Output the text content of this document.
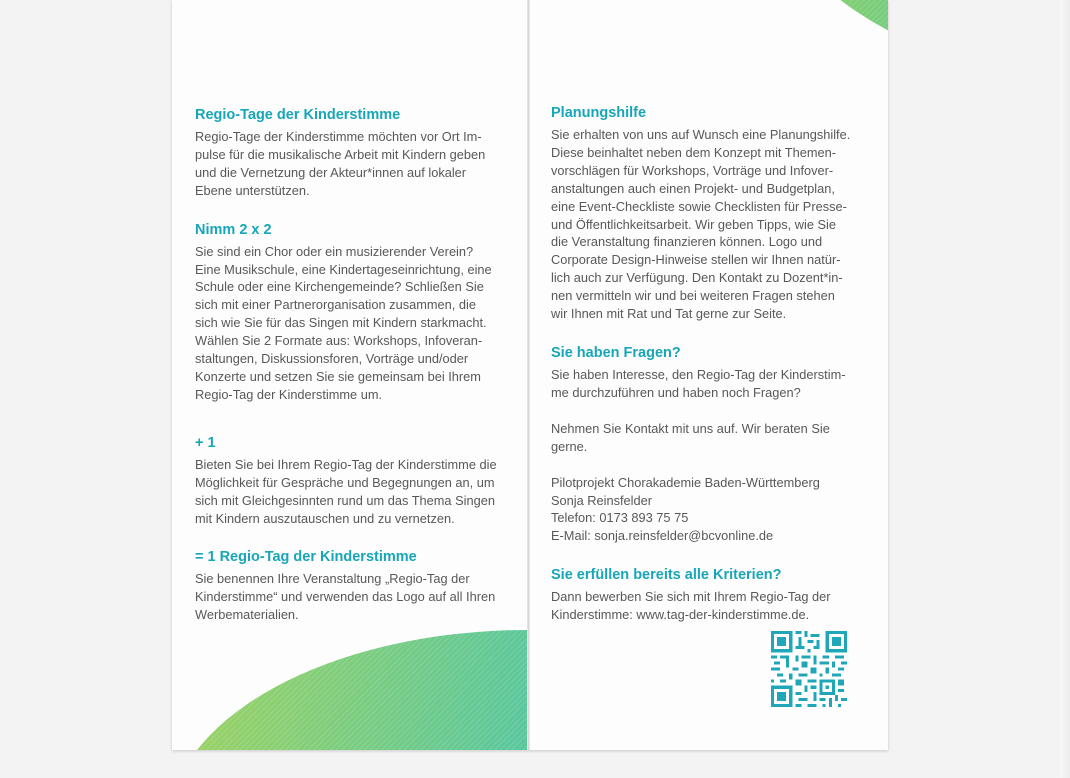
Regio-Tage der Kinderstimme

Regio-Tage der Kinderstimme möchten vor Ort Im-
pulse für die musikalische Arbeit mit Kindern geben
und die Vernetzung der Akteur*innen auf lokaler
Ebene unterstützen.

Nimm 2 x 2

Sie sind ein Chor oder ein musizierender Verein?
Eine Musikschule, eine Kindertageseinrichtung, eine
Schule oder eine Kirchengemeinde? Schließen Sie
sich mit einer Partnerorganisation zusammen, die
sich wie Sie für das Singen mit Kindern starkmacht.
Wählen Sie 2 Formate aus: Workshops, Infoveran-
staltungen, Diskussionsforen, Vorträge und/oder
Konzerte und setzen Sie sie gemeinsam bei Ihrem
Regio-Tag der Kinderstimme um.

+ 1

Bieten Sie bei Ihrem Regio-Tag der Kinderstimme die
Möglichkeit für Gespräche und Begegnungen an, um
sich mit Gleichgesinnten rund um das Thema Singen
mit Kindern auszutauschen und zu vernetzen.

= 1 Regio-Tag der Kinderstimme

Sie benennen Ihre Veranstaltung „Regio-Tag der
Kinderstimme“ und verwenden das Logo auf all Ihren
Werbematerialien.

Planungshilfe

Sie erhalten von uns auf Wunsch eine Planungshilfe.
Diese beinhaltet neben dem Konzept mit Themen-
vorschlägen für Workshops, Vorträge und Infover-
anstaltungen auch einen Projekt- und Budgetplan,
eine Event-Checkliste sowie Checklisten für Presse-
und Öffentlichkeitsarbeit. Wir geben Tipps, wie Sie
die Veranstaltung finanzieren können. Logo und
Corporate Design-Hinweise stellen wir Ihnen natür-
lich auch zur Verfügung. Den Kontakt zu Dozent*in-
nen vermitteln wir und bei weiteren Fragen stehen
wir Ihnen mit Rat und Tat gerne zur Seite.

Sie haben Fragen?

Sie haben Interesse, den Regio-Tag der Kinderstim-
me durchzuführen und haben noch Fragen?

Nehmen Sie Kontakt mit uns auf. Wir beraten Sie
gerne.

Pilotprojekt Chorakademie Baden-Württemberg

Sonja Reinsfelder

Telefon: 0173 893 75 75

E-Mail: sonja.reinsfelder@bcvonline.de

Sie erfüllen bereits alle Kriterien?

Dann bewerben Sie sich mit Ihrem Regio-Tag der
Kinderstimme: www.tag-der-kinderstimme.de.
